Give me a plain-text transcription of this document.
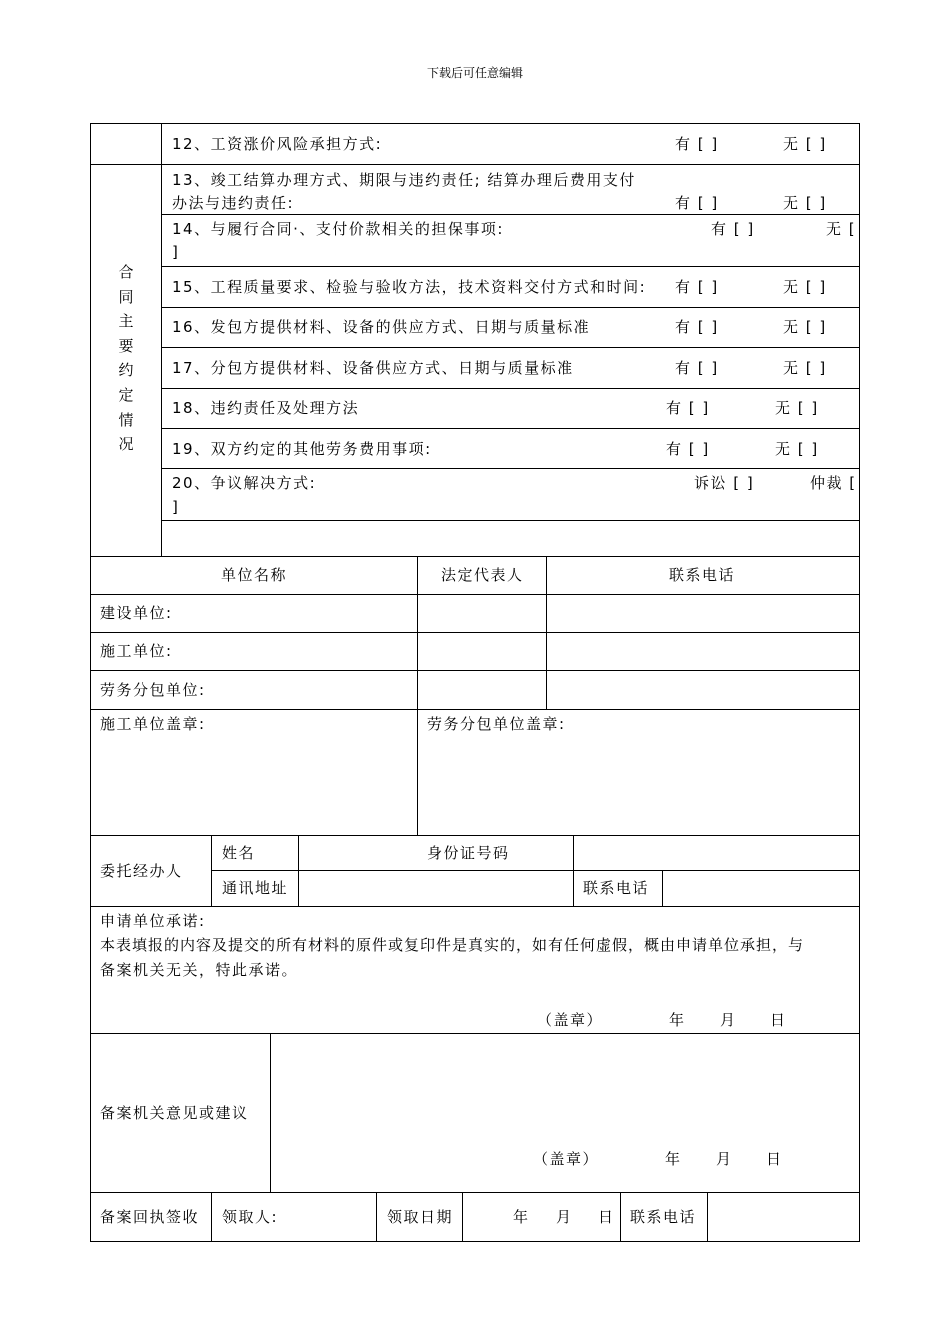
下载后可任意编辑
合
同
主
要
约
定
情
况
12、工资涨价风险承担方式:	有 [ ]	无 [ ]
13、竣工结算办理方式、期限与违约责任; 结算办理后费用支付
办法与违约责任:	有 [ ]	无 [ ]
14、与履行合同·、支付价款相关的担保事项:	有 [ ]	无 [
]
15、工程质量要求、检验与验收方法，技术资料交付方式和时间: 有 [ ]	无 [ ]
16、发包方提供材料、设备的供应方式、日期与质量标准	有 [ ]	无 [ ]
17、分包方提供材料、设备供应方式、日期与质量标准	有 [ ]	无 [ ]
18、违约责任及处理方法	有 [ ]	无 [ ]
19、双方约定的其他劳务费用事项:	有 [ ]	无 [ ]
20、争议解决方式:	诉讼 [ ]	仲裁 [
]
单位名称	法定代表人	联系电话
建设单位:
施工单位:
劳务分包单位:
施工单位盖章:	劳务分包单位盖章:
委托经办人
姓名	身份证号码
通讯地址	联系电话
申请单位承诺:
本表填报的内容及提交的所有材料的原件或复印件是真实的，如有任何虚假，概由申请单位承担，与
备案机关无关，特此承诺。
（盖章）	年 月 日
备案机关意见或建议
（盖章）	年 月 日
备案回执签收 领取人:	领取日期	年 月 日 联系电话
